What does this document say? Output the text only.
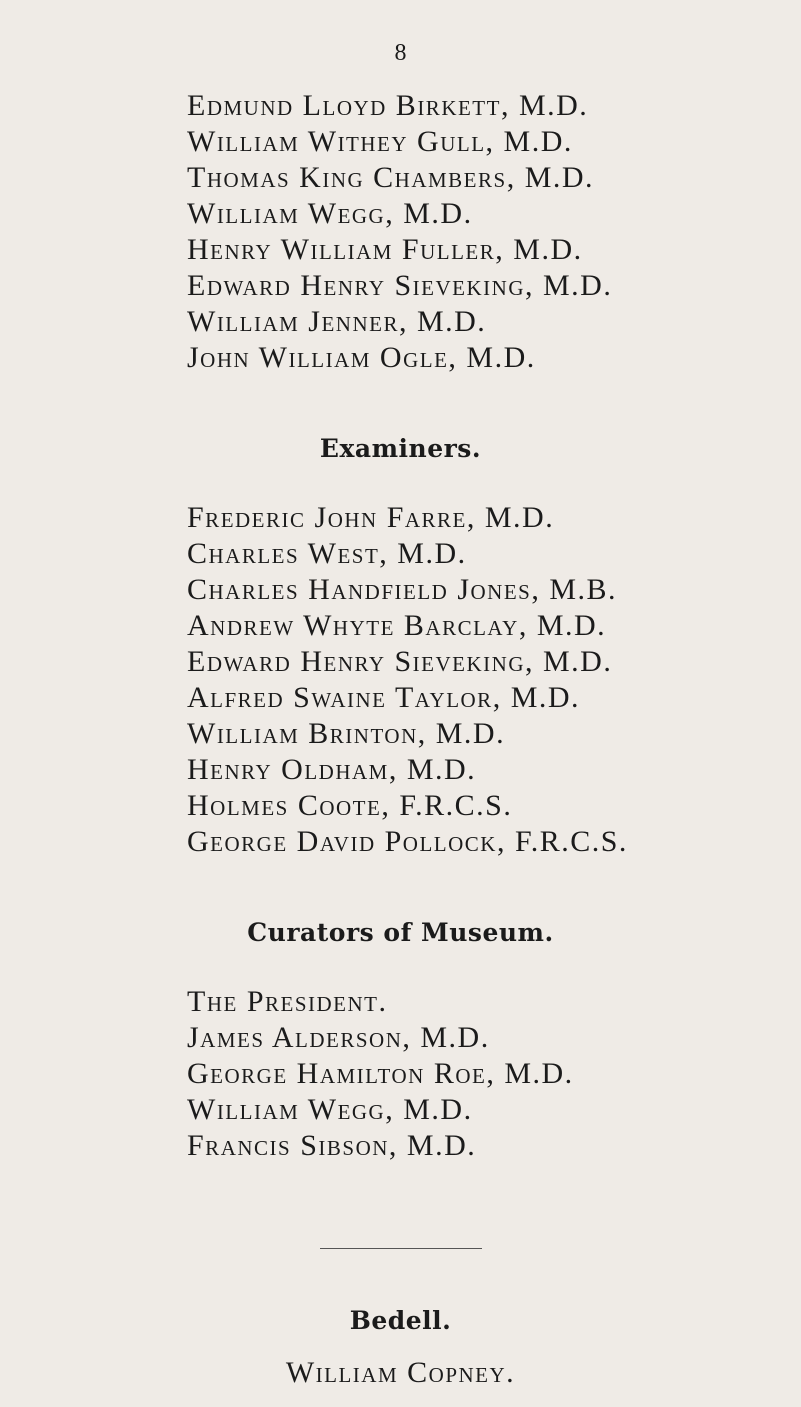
8

Edmund Lloyd Birkett, M.D.

William Withey Gull, M.D.

Thomas King Chambers, M.D.

William Wegg, M.D.

Henry William Fuller, M.D.

Edward Henry Sieveking, M.D.

William Jenner, M.D.

John William Ogle, M.D.

Examiners.

Frederic John Farre, M.D.

Charles West, M.D.

Charles Handfield Jones, M.B.

Andrew Whyte Barclay, M.D.

Edward Henry Sieveking, M.D.

Alfred Swaine Taylor, M.D.

William Brinton, M.D.

Henry Oldham, M.D.

Holmes Coote, F.R.C.S.

George David Pollock, F.R.C.S.

Curators of Museum.

The President.

James Alderson, M.D.

George Hamilton Roe, M.D.

William Wegg, M.D.

Francis Sibson, M.D.

Bedell.

William Copney.
